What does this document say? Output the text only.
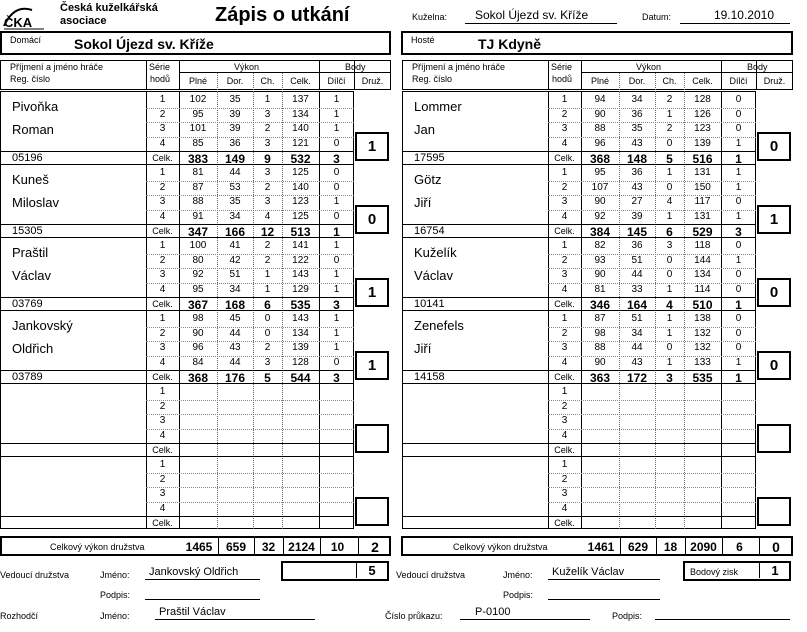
ČKA
Česká kuželkářská
asociace	Zápis o utkání	Kuželna:	Sokol Újezd sv. Kříže	Datum:	19.10.2010
Domácí Sokol Újezd sv. Kříže	Hosté	TJ Kdyně
Příjmení a jméno hráče
Reg. číslo
Série
hodů
Výkon
Plné	Dor.	Ch.	Celk.
Body
Dílčí	Druž.
1	102	35	1	137	1
2	95	39	3	134	1
3	101	39	2	140	1
4	85	36	3	121	0
Celk.	383	149	9	532	3
Pivoňka
Roman
05196
1
1	81	44	3	125	0
2	87	53	2	140	0
3	88	35	3	123	1
4	91	34	4	125	0
Celk.	347	166	12	513	1
Kuneš
Miloslav
15305
0
1	100	41	2	141	1
2	80	42	2	122	0
3	92	51	1	143	1
4	95	34	1	129	1
Celk.	367	168	6	535	3
Praštil
Václav
03769
1
1	98	45	0	143	1
2	90	44	0	134	1
3	96	43	2	139	1
4	84	44	3	128	0
Celk.	368	176	5	544	3
Jankovský
Oldřich
03789
1
1
2
3
4
Celk.
1
2
3
4
Celk.
Příjmení a jméno hráče
Reg. číslo
Série
hodů
Výkon
Plné	Dor.	Ch.	Celk.
Body
Dílčí	Druž.
1	94	34	2	128	0
2	90	36	1	126	0
3	88	35	2	123	0
4	96	43	0	139	1
Celk.	368	148	5	516	1
Lommer
Jan
17595
0
1	95	36	1	131	1
2	107	43	0	150	1
3	90	27	4	117	0
4	92	39	1	131	1
Celk.	384	145	6	529	3
Götz
Jiří
16754
1
1	82	36	3	118	0
2	93	51	0	144	1
3	90	44	0	134	0
4	81	33	1	114	0
Celk.	346	164	4	510	1
Kuželík
Václav
10141
0
1	87	51	1	138	0
2	98	34	1	132	0
3	88	44	0	132	0
4	90	43	1	133	1
Celk.	363	172	3	535	1
Zenefels
Jiří
14158
0
1
2
3
4
Celk.
1
2
3
4
Celk.
Celkový výkon družstva	1465	659	32	2124	10	2	Celkový výkon družstva	1461	629	18	2090	6	0
Vedoucí družstva	Jméno:	Jankovský Oldřich
Podpis:
5	Vedoucí družstva	Jméno:	Kuželík Václav
Podpis:
Bodový zisk	1
Rozhodčí	Jméno:	Praštil Václav	Číslo průkazu:	P-0100	Podpis:
